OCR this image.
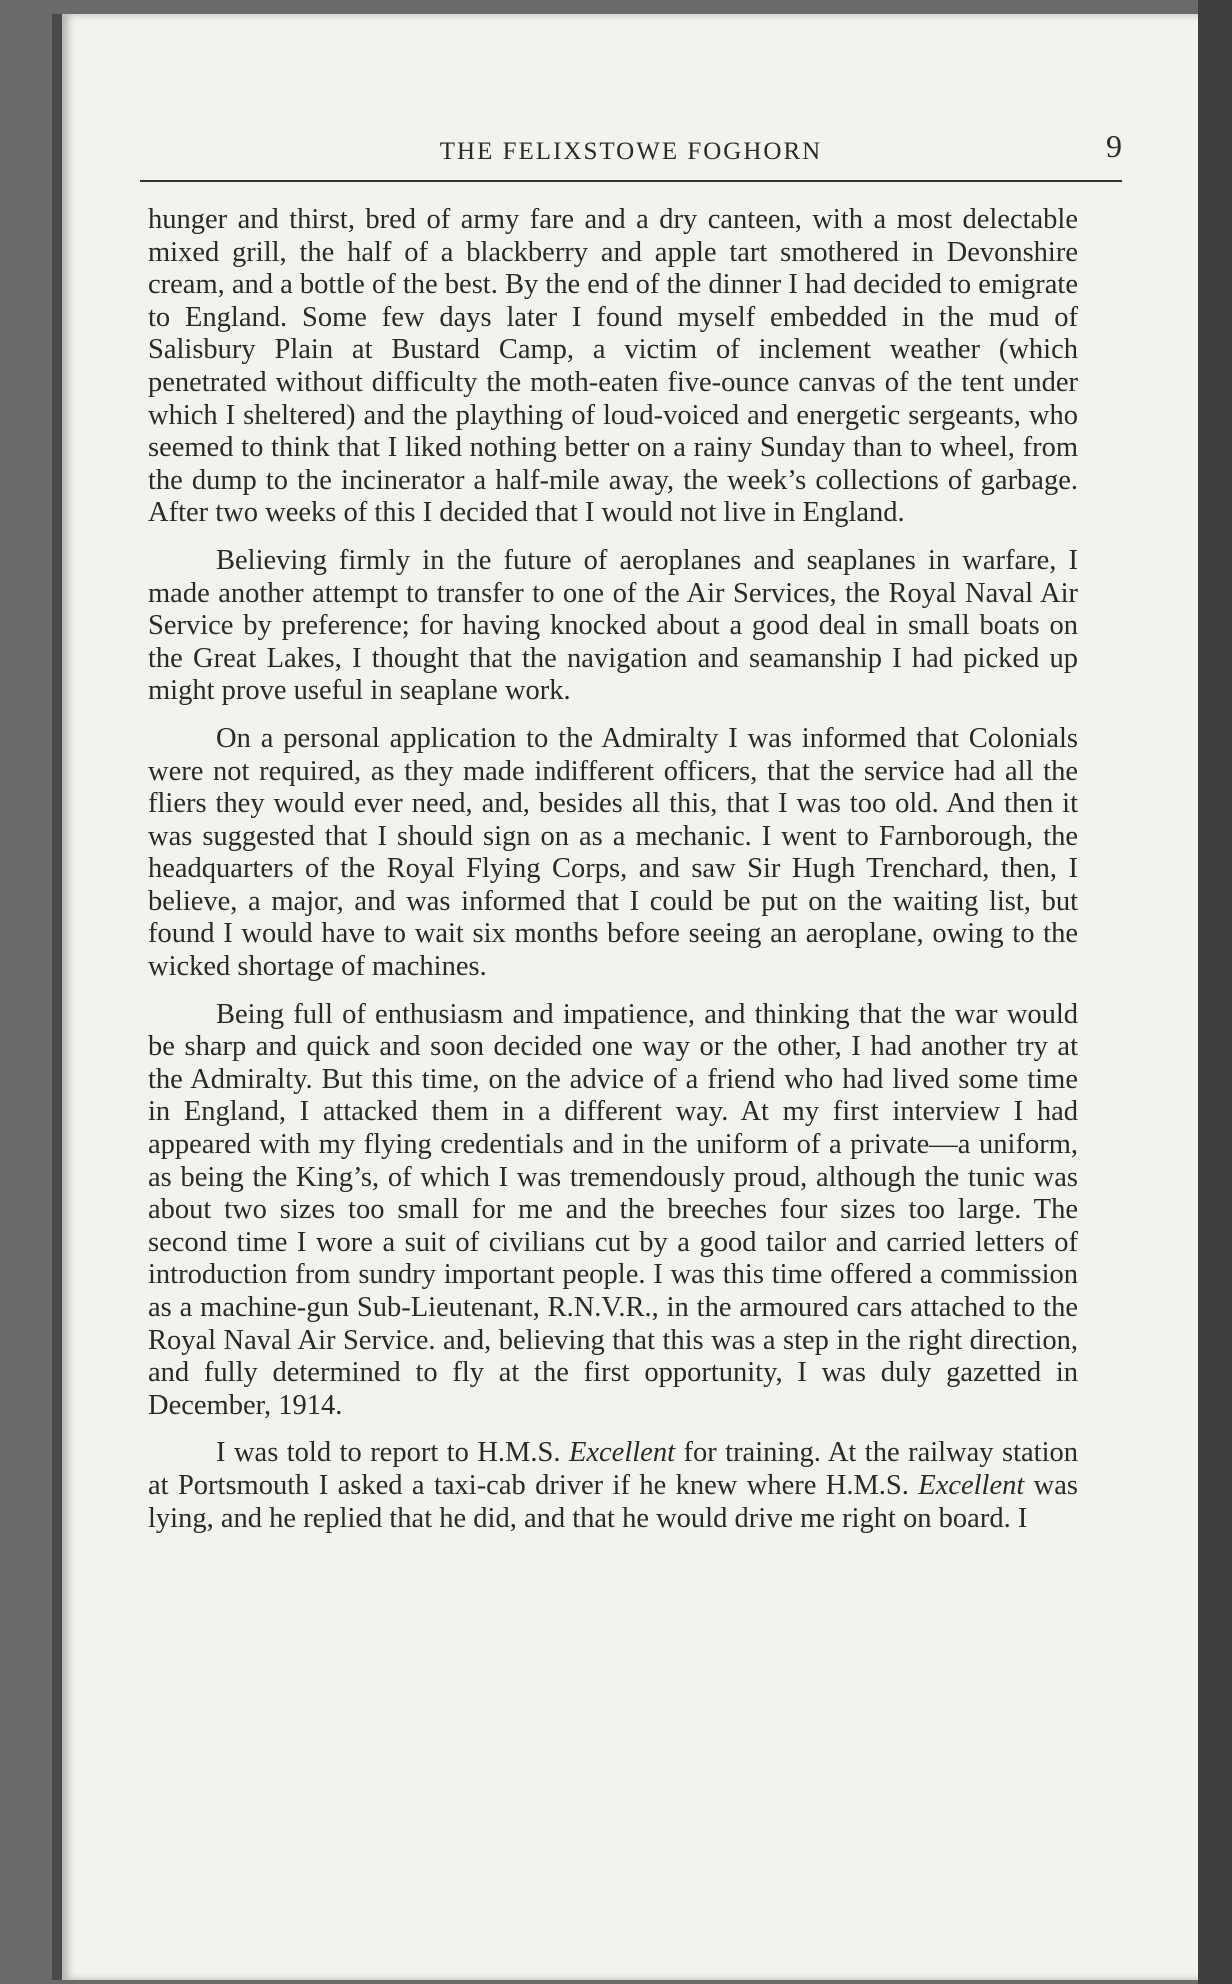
THE FELIXSTOWE FOGHORN	9

hunger and thirst, bred of army fare and a dry canteen, with a most delectable mixed grill, the half of a blackberry and apple tart smothered in Devonshire cream, and a bottle of the best. By the end of the dinner I had decided to emigrate to England. Some few days later I found myself embedded in the mud of Salisbury Plain at Bustard Camp, a victim of inclement weather (which penetrated without difficulty the moth-eaten five-ounce canvas of the tent under which I sheltered) and the plaything of loud-voiced and energetic sergeants, who seemed to think that I liked nothing better on a rainy Sunday than to wheel, from the dump to the incinerator a half-mile away, the week’s collections of garbage. After two weeks of this I decided that I would not live in England.

Believing firmly in the future of aeroplanes and seaplanes in warfare, I made another attempt to transfer to one of the Air Services, the Royal Naval Air Service by preference; for having knocked about a good deal in small boats on the Great Lakes, I thought that the navigation and seamanship I had picked up might prove useful in seaplane work.

On a personal application to the Admiralty I was informed that Colonials were not required, as they made indifferent officers, that the service had all the fliers they would ever need, and, besides all this, that I was too old. And then it was suggested that I should sign on as a mechanic. I went to Farnborough, the headquarters of the Royal Flying Corps, and saw Sir Hugh Trenchard, then, I believe, a major, and was informed that I could be put on the waiting list, but found I would have to wait six months before seeing an aeroplane, owing to the wicked shortage of machines.

Being full of enthusiasm and impatience, and thinking that the war would be sharp and quick and soon decided one way or the other, I had another try at the Admiralty. But this time, on the advice of a friend who had lived some time in England, I attacked them in a different way. At my first interview I had appeared with my flying credentials and in the uniform of a private—a uniform, as being the King’s, of which I was tremendously proud, although the tunic was about two sizes too small for me and the breeches four sizes too large. The second time I wore a suit of civilians cut by a good tailor and carried letters of introduction from sundry important people. I was this time offered a commission as a machine-gun Sub-Lieutenant, R.N.V.R., in the armoured cars attached to the Royal Naval Air Service. and, believing that this was a step in the right direction, and fully determined to fly at the first opportunity, I was duly gazetted in December, 1914.

I was told to report to H.M.S. Excellent for training. At the railway station at Portsmouth I asked a taxi-cab driver if he knew where H.M.S. Excellent was lying, and he replied that he did, and that he would drive me right on board. I
